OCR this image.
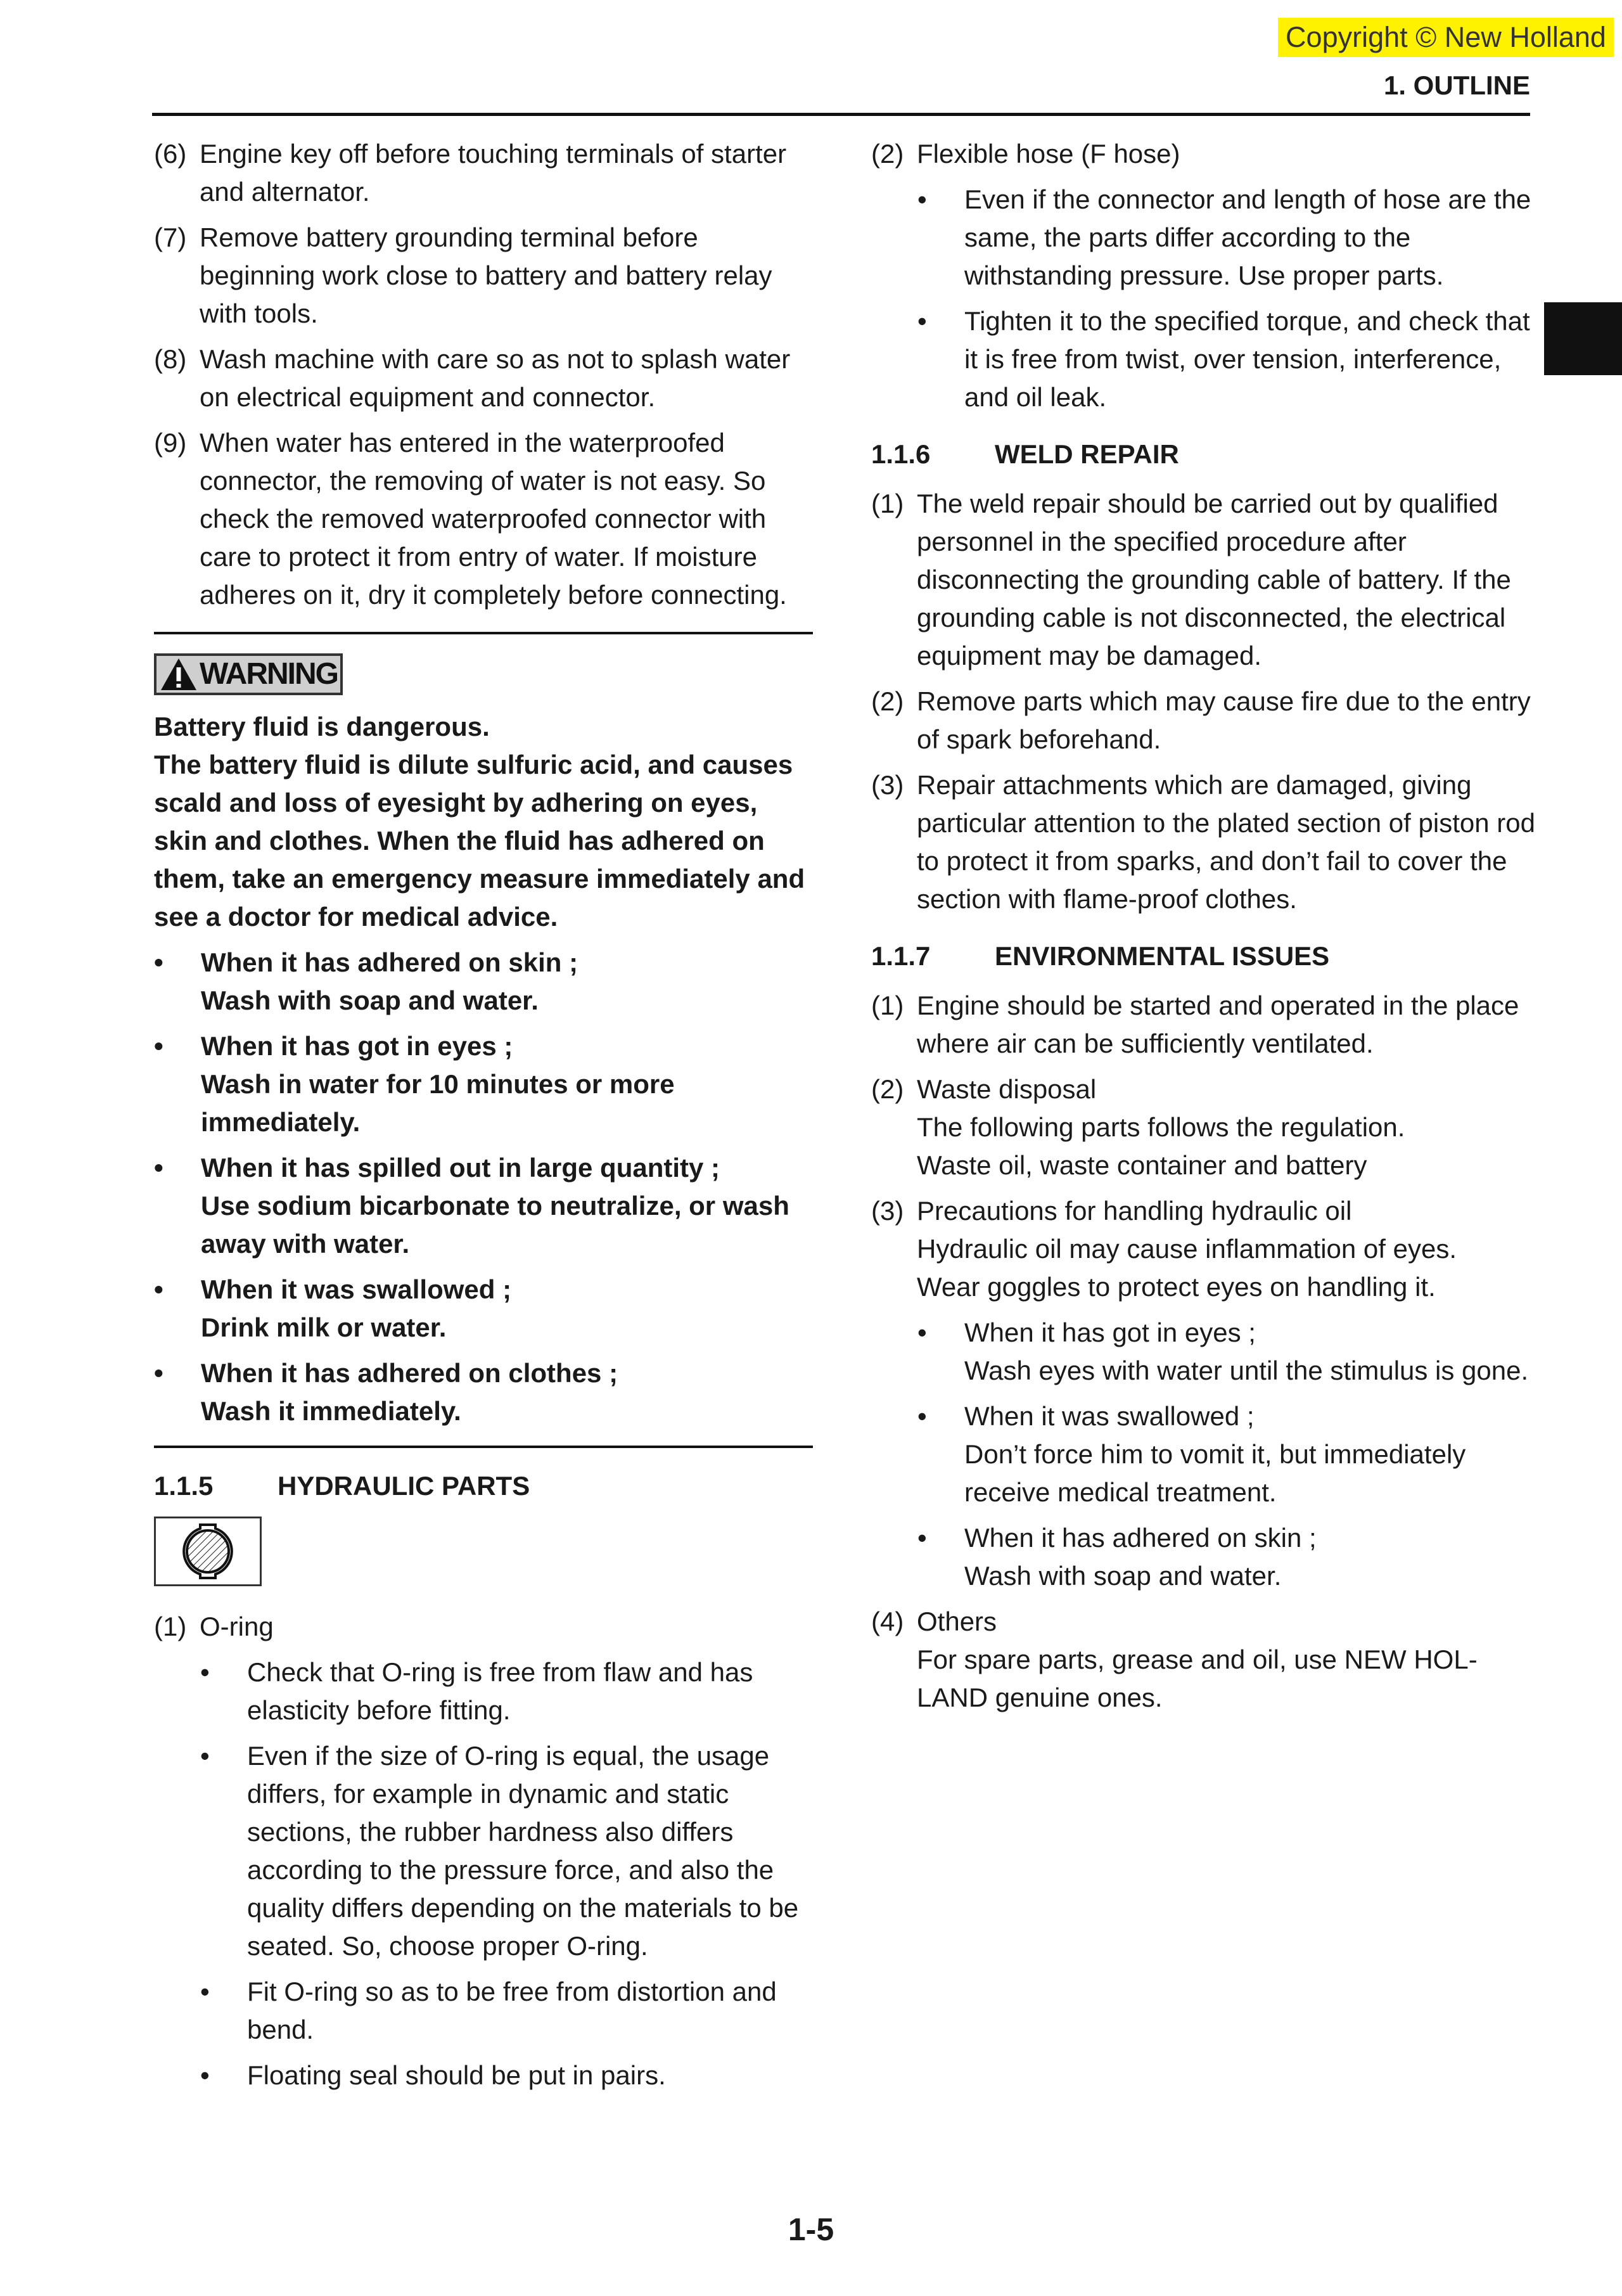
Copyright © New Holland
1. OUTLINE
(6) Engine key off before touching terminals of starter and alternator.
(7) Remove battery grounding terminal before beginning work close to battery and battery relay with tools.
(8) Wash machine with care so as not to splash water on electrical equipment and connector.
(9) When water has entered in the waterproofed connector, the removing of water is not easy. So check the removed waterproofed connector with care to protect it from entry of water. If moisture adheres on it, dry it completely before connecting.
WARNING
Battery fluid is dangerous.
The battery fluid is dilute sulfuric acid, and causes scald and loss of eyesight by adhering on eyes, skin and clothes. When the fluid has adhered on them, take an emergency measure immediately and see a doctor for medical advice.
•	When it has adhered on skin ;
Wash with soap and water.
•	When it has got in eyes ;
Wash in water for 10 minutes or more immediately.
•	When it has spilled out in large quantity ;
Use sodium bicarbonate to neutralize, or wash away with water.
•	When it was swallowed ;
Drink milk or water.
•	When it has adhered on clothes ;
Wash it immediately.
1.1.5	HYDRAULIC PARTS
(1) O-ring
•	Check that O-ring is free from flaw and has elasticity before fitting.
•	Even if the size of O-ring is equal, the usage differs, for example in dynamic and static sections, the rubber hardness also differs according to the pressure force, and also the quality differs depending on the materials to be seated. So, choose proper O-ring.
•	Fit O-ring so as to be free from distortion and bend.
•	Floating seal should be put in pairs.
(2) Flexible hose (F hose)
•	Even if the connector and length of hose are the same, the parts differ according to the withstanding pressure. Use proper parts.
•	Tighten it to the specified torque, and check that it is free from twist, over tension, interference, and oil leak.
1.1.6	WELD REPAIR
(1) The weld repair should be carried out by qualified personnel in the specified procedure after disconnecting the grounding cable of battery. If the grounding cable is not disconnected, the electrical equipment may be damaged.
(2) Remove parts which may cause fire due to the entry of spark beforehand.
(3) Repair attachments which are damaged, giving particular attention to the plated section of piston rod to protect it from sparks, and don’t fail to cover the section with flame-proof clothes.
1.1.7	ENVIRONMENTAL ISSUES
(1) Engine should be started and operated in the place where air can be sufficiently ventilated.
(2) Waste disposal
The following parts follows the regulation.
Waste oil, waste container and battery
(3) Precautions for handling hydraulic oil
Hydraulic oil may cause inflammation of eyes.
Wear goggles to protect eyes on handling it.
•	When it has got in eyes ;
Wash eyes with water until the stimulus is gone.
•	When it was swallowed ;
Don’t force him to vomit it, but immediately receive medical treatment.
•	When it has adhered on skin ;
Wash with soap and water.
(4) Others
For spare parts, grease and oil, use NEW HOL-LAND genuine ones.
1-5
